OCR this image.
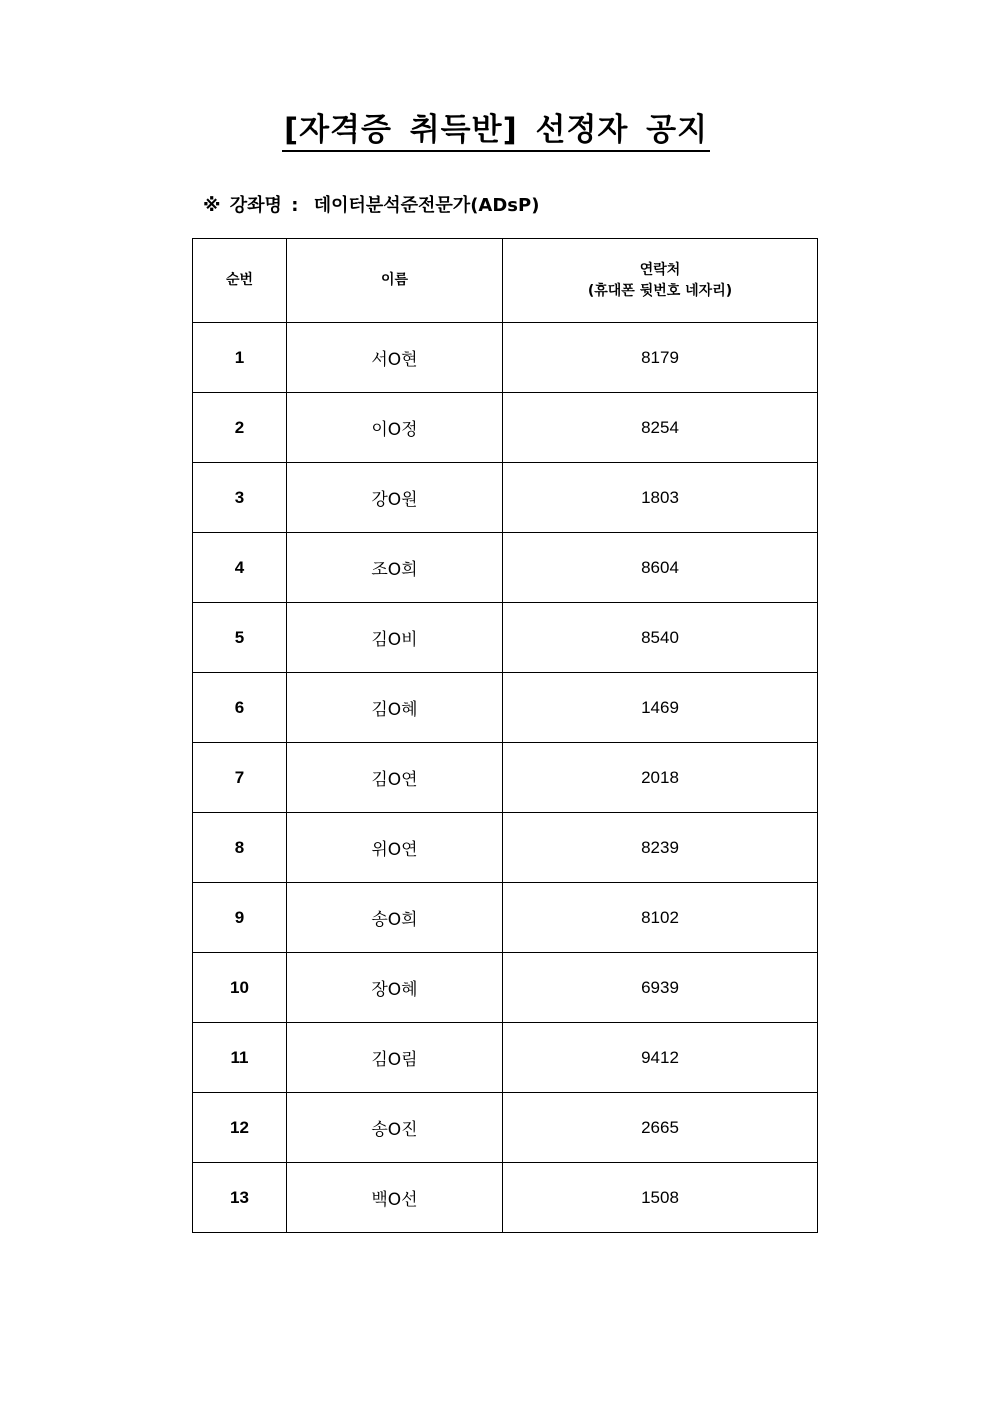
[자격증 취득반] 선정자 공지
※ 강좌명 : 데이터분석준전문가(ADsP)
순번	이름	연락처
(휴대폰 뒷번호 네자리)

1	서O현	8179
2	이O정	8254
3	강O원	1803
4	조O희	8604
5	김O비	8540
6	김O혜	1469
7	김O연	2018
8	위O연	8239
9	송O희	8102
10	장O혜	6939
11	김O림	9412
12	송O진	2665
13	백O선	1508
